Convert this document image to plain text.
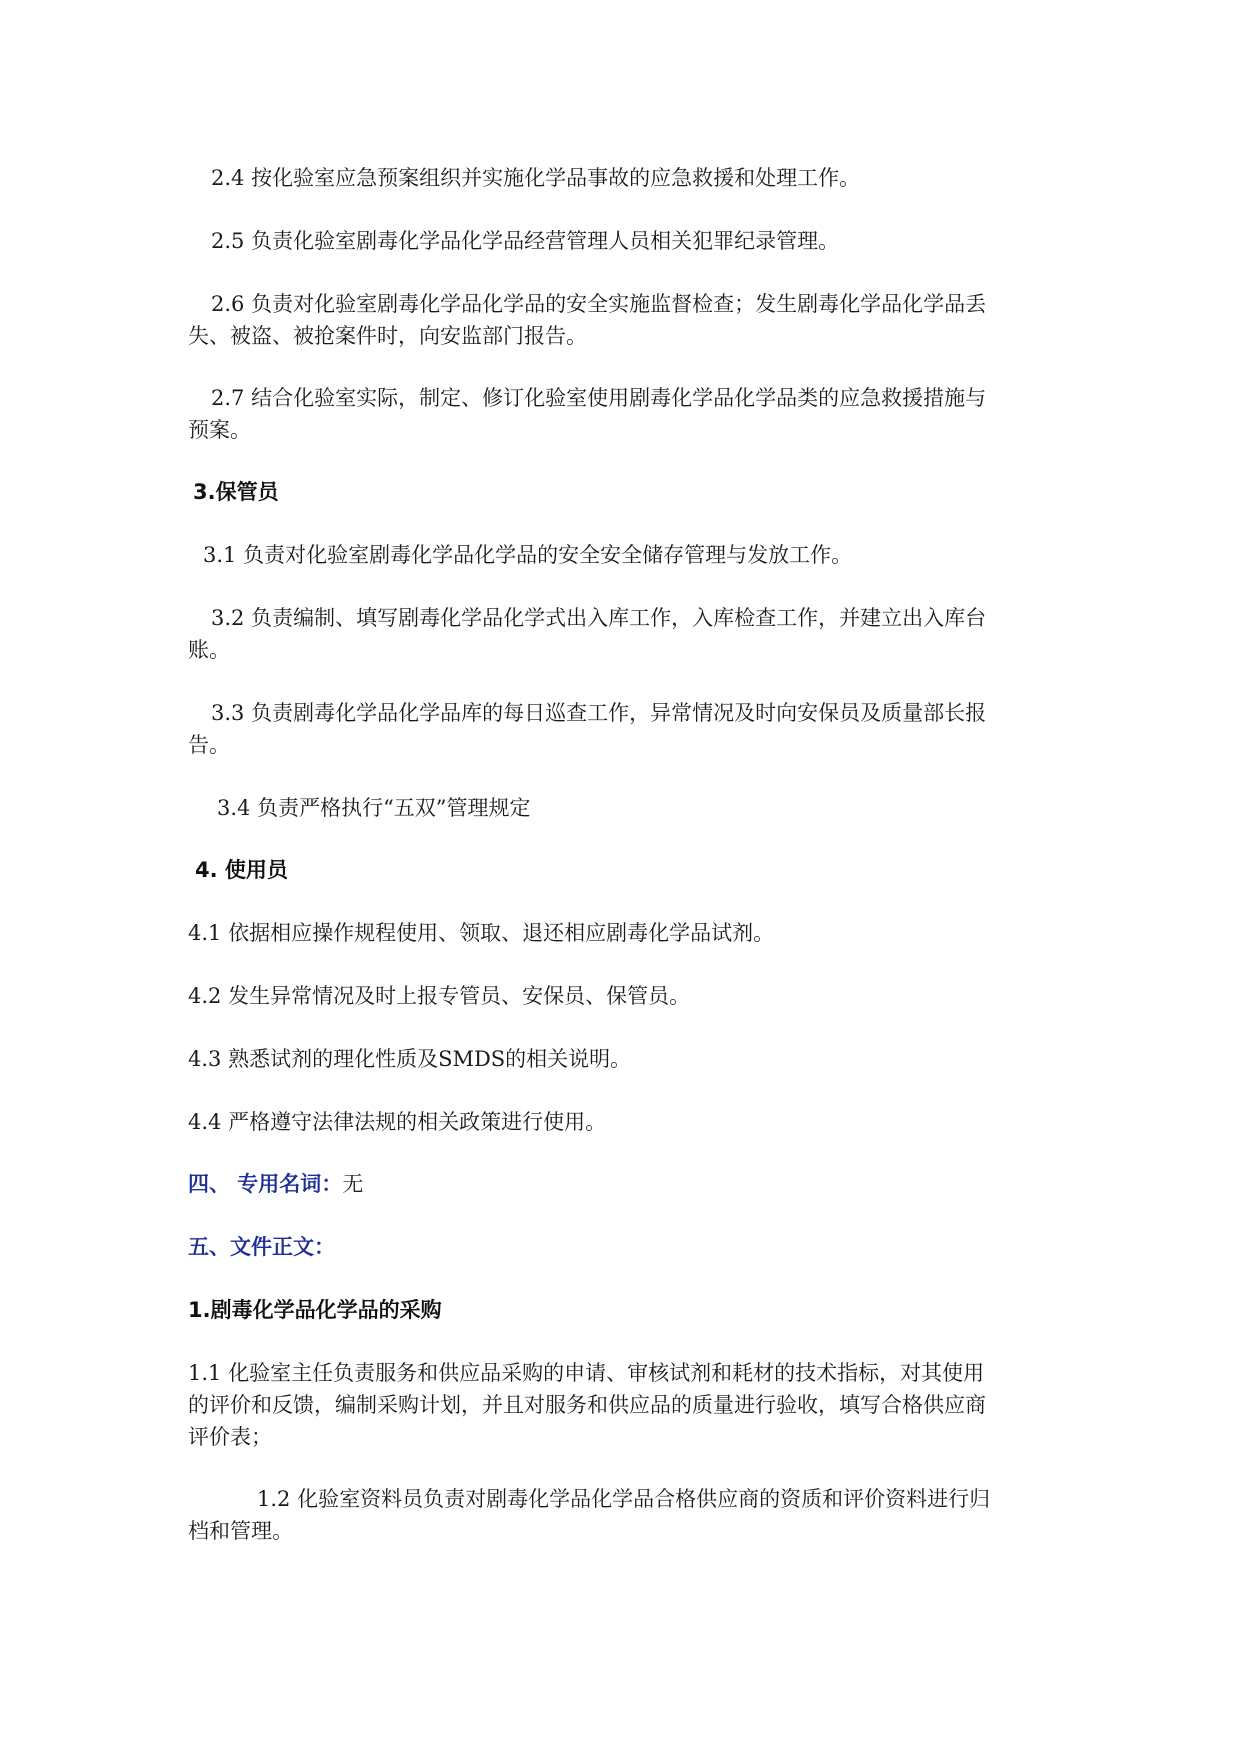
2.4 按化验室应急预案组织并实施化学品事故的应急救援和处理工作。
2.5 负责化验室剧毒化学品化学品经营管理人员相关犯罪纪录管理。
2.6 负责对化验室剧毒化学品化学品的安全实施监督检查；发生剧毒化学品化学品丢
失、被盗、被抢案件时，向安监部门报告。
2.7 结合化验室实际，制定、修订化验室使用剧毒化学品化学品类的应急救援措施与
预案。
3.保管员
3.1 负责对化验室剧毒化学品化学品的安全安全储存管理与发放工作。
3.2 负责编制、填写剧毒化学品化学式出入库工作，入库检查工作，并建立出入库台
账。
3.3 负责剧毒化学品化学品库的每日巡查工作，异常情况及时向安保员及质量部长报
告。
3.4 负责严格执行“五双”管理规定
4. 使用员
4.1 依据相应操作规程使用、领取、退还相应剧毒化学品试剂。
4.2 发生异常情况及时上报专管员、安保员、保管员。
4.3 熟悉试剂的理化性质及SMDS的相关说明。
4.4 严格遵守法律法规的相关政策进行使用。
四、 专用名词：无
五、文件正文：
1.剧毒化学品化学品的采购
1.1 化验室主任负责服务和供应品采购的申请、审核试剂和耗材的技术指标，对其使用
的评价和反馈，编制采购计划，并且对服务和供应品的质量进行验收，填写合格供应商
评价表；
1.2 化验室资料员负责对剧毒化学品化学品合格供应商的资质和评价资料进行归
档和管理。
